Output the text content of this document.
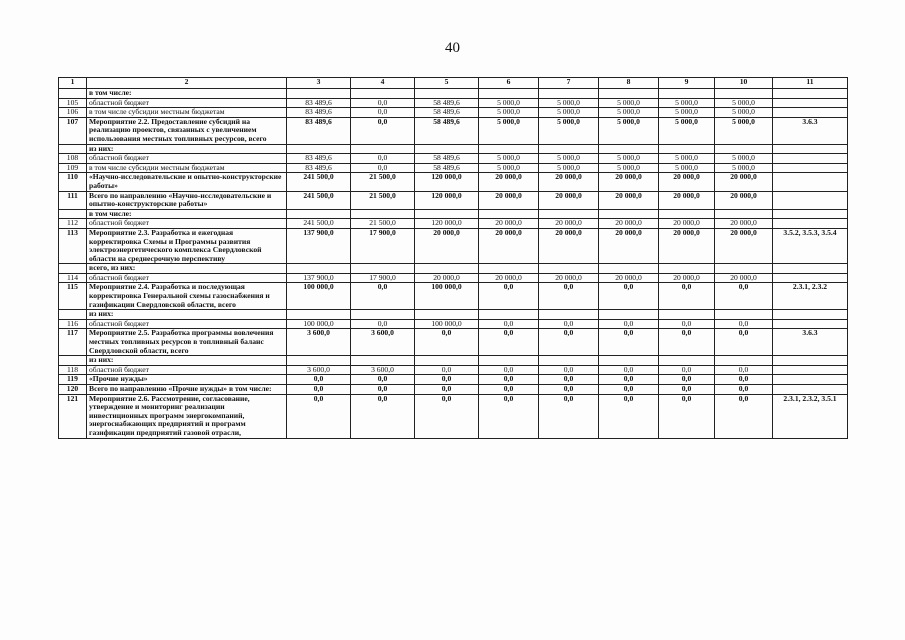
40
1	2	3	4	5	6	7	8	9	10	11
	в том числе:									
105	областной бюджет	83 489,6	0,0	58 489,6	5 000,0	5 000,0	5 000,0	5 000,0	5 000,0	
106	в том числе субсидии местным бюджетам	83 489,6	0,0	58 489,6	5 000,0	5 000,0	5 000,0	5 000,0	5 000,0	
107	Мероприятие 2.2. Предоставление субсидий на реализацию проектов, связанных с увеличением использования местных топливных ресурсов, всего	83 489,6	0,0	58 489,6	5 000,0	5 000,0	5 000,0	5 000,0	5 000,0	3.6.3
	из них:									
108	областной бюджет	83 489,6	0,0	58 489,6	5 000,0	5 000,0	5 000,0	5 000,0	5 000,0	
109	в том числе субсидии местным бюджетам	83 489,6	0,0	58 489,6	5 000,0	5 000,0	5 000,0	5 000,0	5 000,0	
110	«Научно-исследовательские и опытно-конструкторские работы»	241 500,0	21 500,0	120 000,0	20 000,0	20 000,0	20 000,0	20 000,0	20 000,0	
111	Всего по направлению «Научно-исследовательские и опытно-конструкторские работы»	241 500,0	21 500,0	120 000,0	20 000,0	20 000,0	20 000,0	20 000,0	20 000,0	
	в том числе:									
112	областной бюджет	241 500,0	21 500,0	120 000,0	20 000,0	20 000,0	20 000,0	20 000,0	20 000,0	
113	Мероприятие 2.3. Разработка и ежегодная корректировка Схемы и Программы развития электроэнергетического комплекса Свердловской области на среднесрочную перспективу	137 900,0	17 900,0	20 000,0	20 000,0	20 000,0	20 000,0	20 000,0	20 000,0	3.5.2, 3.5.3, 3.5.4
	всего, из них:									
114	областной бюджет	137 900,0	17 900,0	20 000,0	20 000,0	20 000,0	20 000,0	20 000,0	20 000,0	
115	Мероприятие 2.4. Разработка и последующая корректировка Генеральной схемы газоснабжения и газификации Свердловской области, всего	100 000,0	0,0	100 000,0	0,0	0,0	0,0	0,0	0,0	2.3.1, 2.3.2
	из них:									
116	областной бюджет	100 000,0	0,0	100 000,0	0,0	0,0	0,0	0,0	0,0	
117	Мероприятие 2.5. Разработка программы вовлечения местных топливных ресурсов в топливный баланс Свердловской области, всего	3 600,0	3 600,0	0,0	0,0	0,0	0,0	0,0	0,0	3.6.3
	из них:									
118	областной бюджет	3 600,0	3 600,0	0,0	0,0	0,0	0,0	0,0	0,0	
119	«Прочие нужды»	0,0	0,0	0,0	0,0	0,0	0,0	0,0	0,0	
120	Всего по направлению «Прочие нужды» в том числе:	0,0	0,0	0,0	0,0	0,0	0,0	0,0	0,0	
121	Мероприятие 2.6. Рассмотрение, согласование, утверждение и мониторинг реализации инвестиционных программ энергокомпаний, энергоснабжающих предприятий и программ газификации предприятий газовой отрасли,	0,0	0,0	0,0	0,0	0,0	0,0	0,0	0,0	2.3.1, 2.3.2, 3.5.1
